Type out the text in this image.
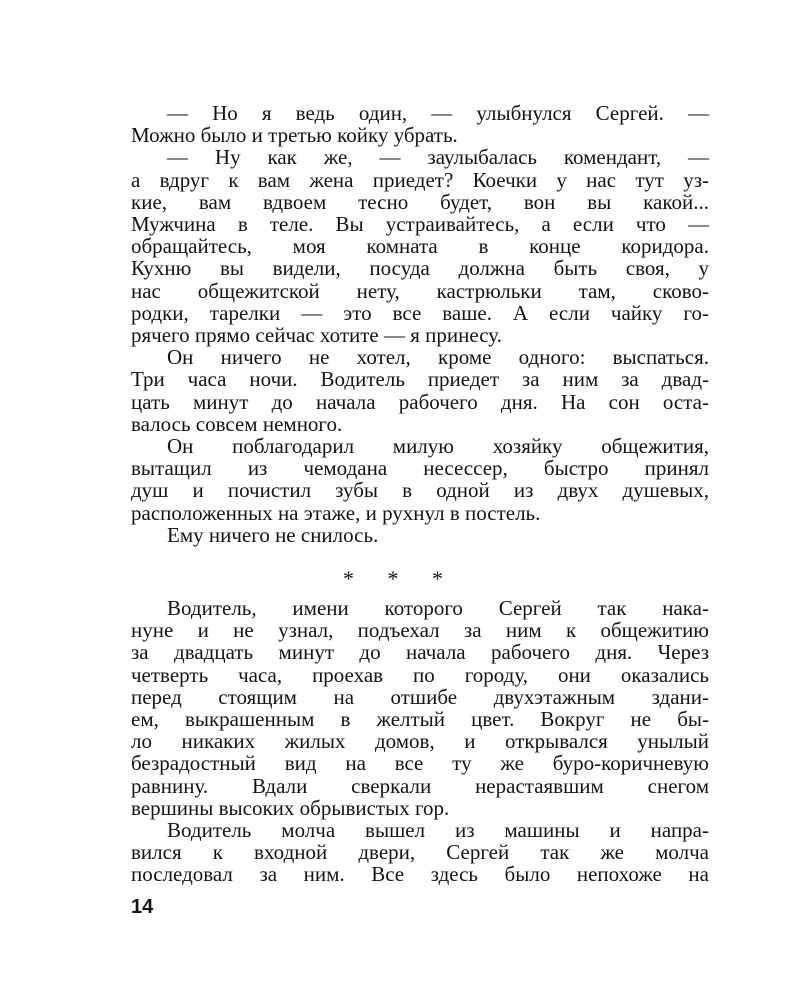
— Но я ведь один, — улыбнулся Сергей. —
Можно было и третью койку убрать.
— Ну как же, — заулыбалась комендант, —
а вдруг к вам жена приедет? Коечки у нас тут уз-
кие, вам вдвоем тесно будет, вон вы какой...
Мужчина в теле. Вы устраивайтесь, а если что —
обращайтесь, моя комната в конце коридора.
Кухню вы видели, посуда должна быть своя, у
нас общежитской нету, кастрюльки там, сково-
родки, тарелки — это все ваше. А если чайку го-
рячего прямо сейчас хотите — я принесу.
Он ничего не хотел, кроме одного: выспаться.
Три часа ночи. Водитель приедет за ним за двад-
цать минут до начала рабочего дня. На сон оста-
валось совсем немного.
Он поблагодарил милую хозяйку общежития,
вытащил из чемодана несессер, быстро принял
душ и почистил зубы в одной из двух душевых,
расположенных на этаже, и рухнул в постель.
Ему ничего не снилось.
* * *
Водитель, имени которого Сергей так нака-
нуне и не узнал, подъехал за ним к общежитию
за двадцать минут до начала рабочего дня. Через
четверть часа, проехав по городу, они оказались
перед стоящим на отшибе двухэтажным здани-
ем, выкрашенным в желтый цвет. Вокруг не бы-
ло никаких жилых домов, и открывался унылый
безрадостный вид на все ту же буро-коричневую
равнину. Вдали сверкали нерастаявшим снегом
вершины высоких обрывистых гор.
Водитель молча вышел из машины и напра-
вился к входной двери, Сергей так же молча
последовал за ним. Все здесь было непохоже на
14
